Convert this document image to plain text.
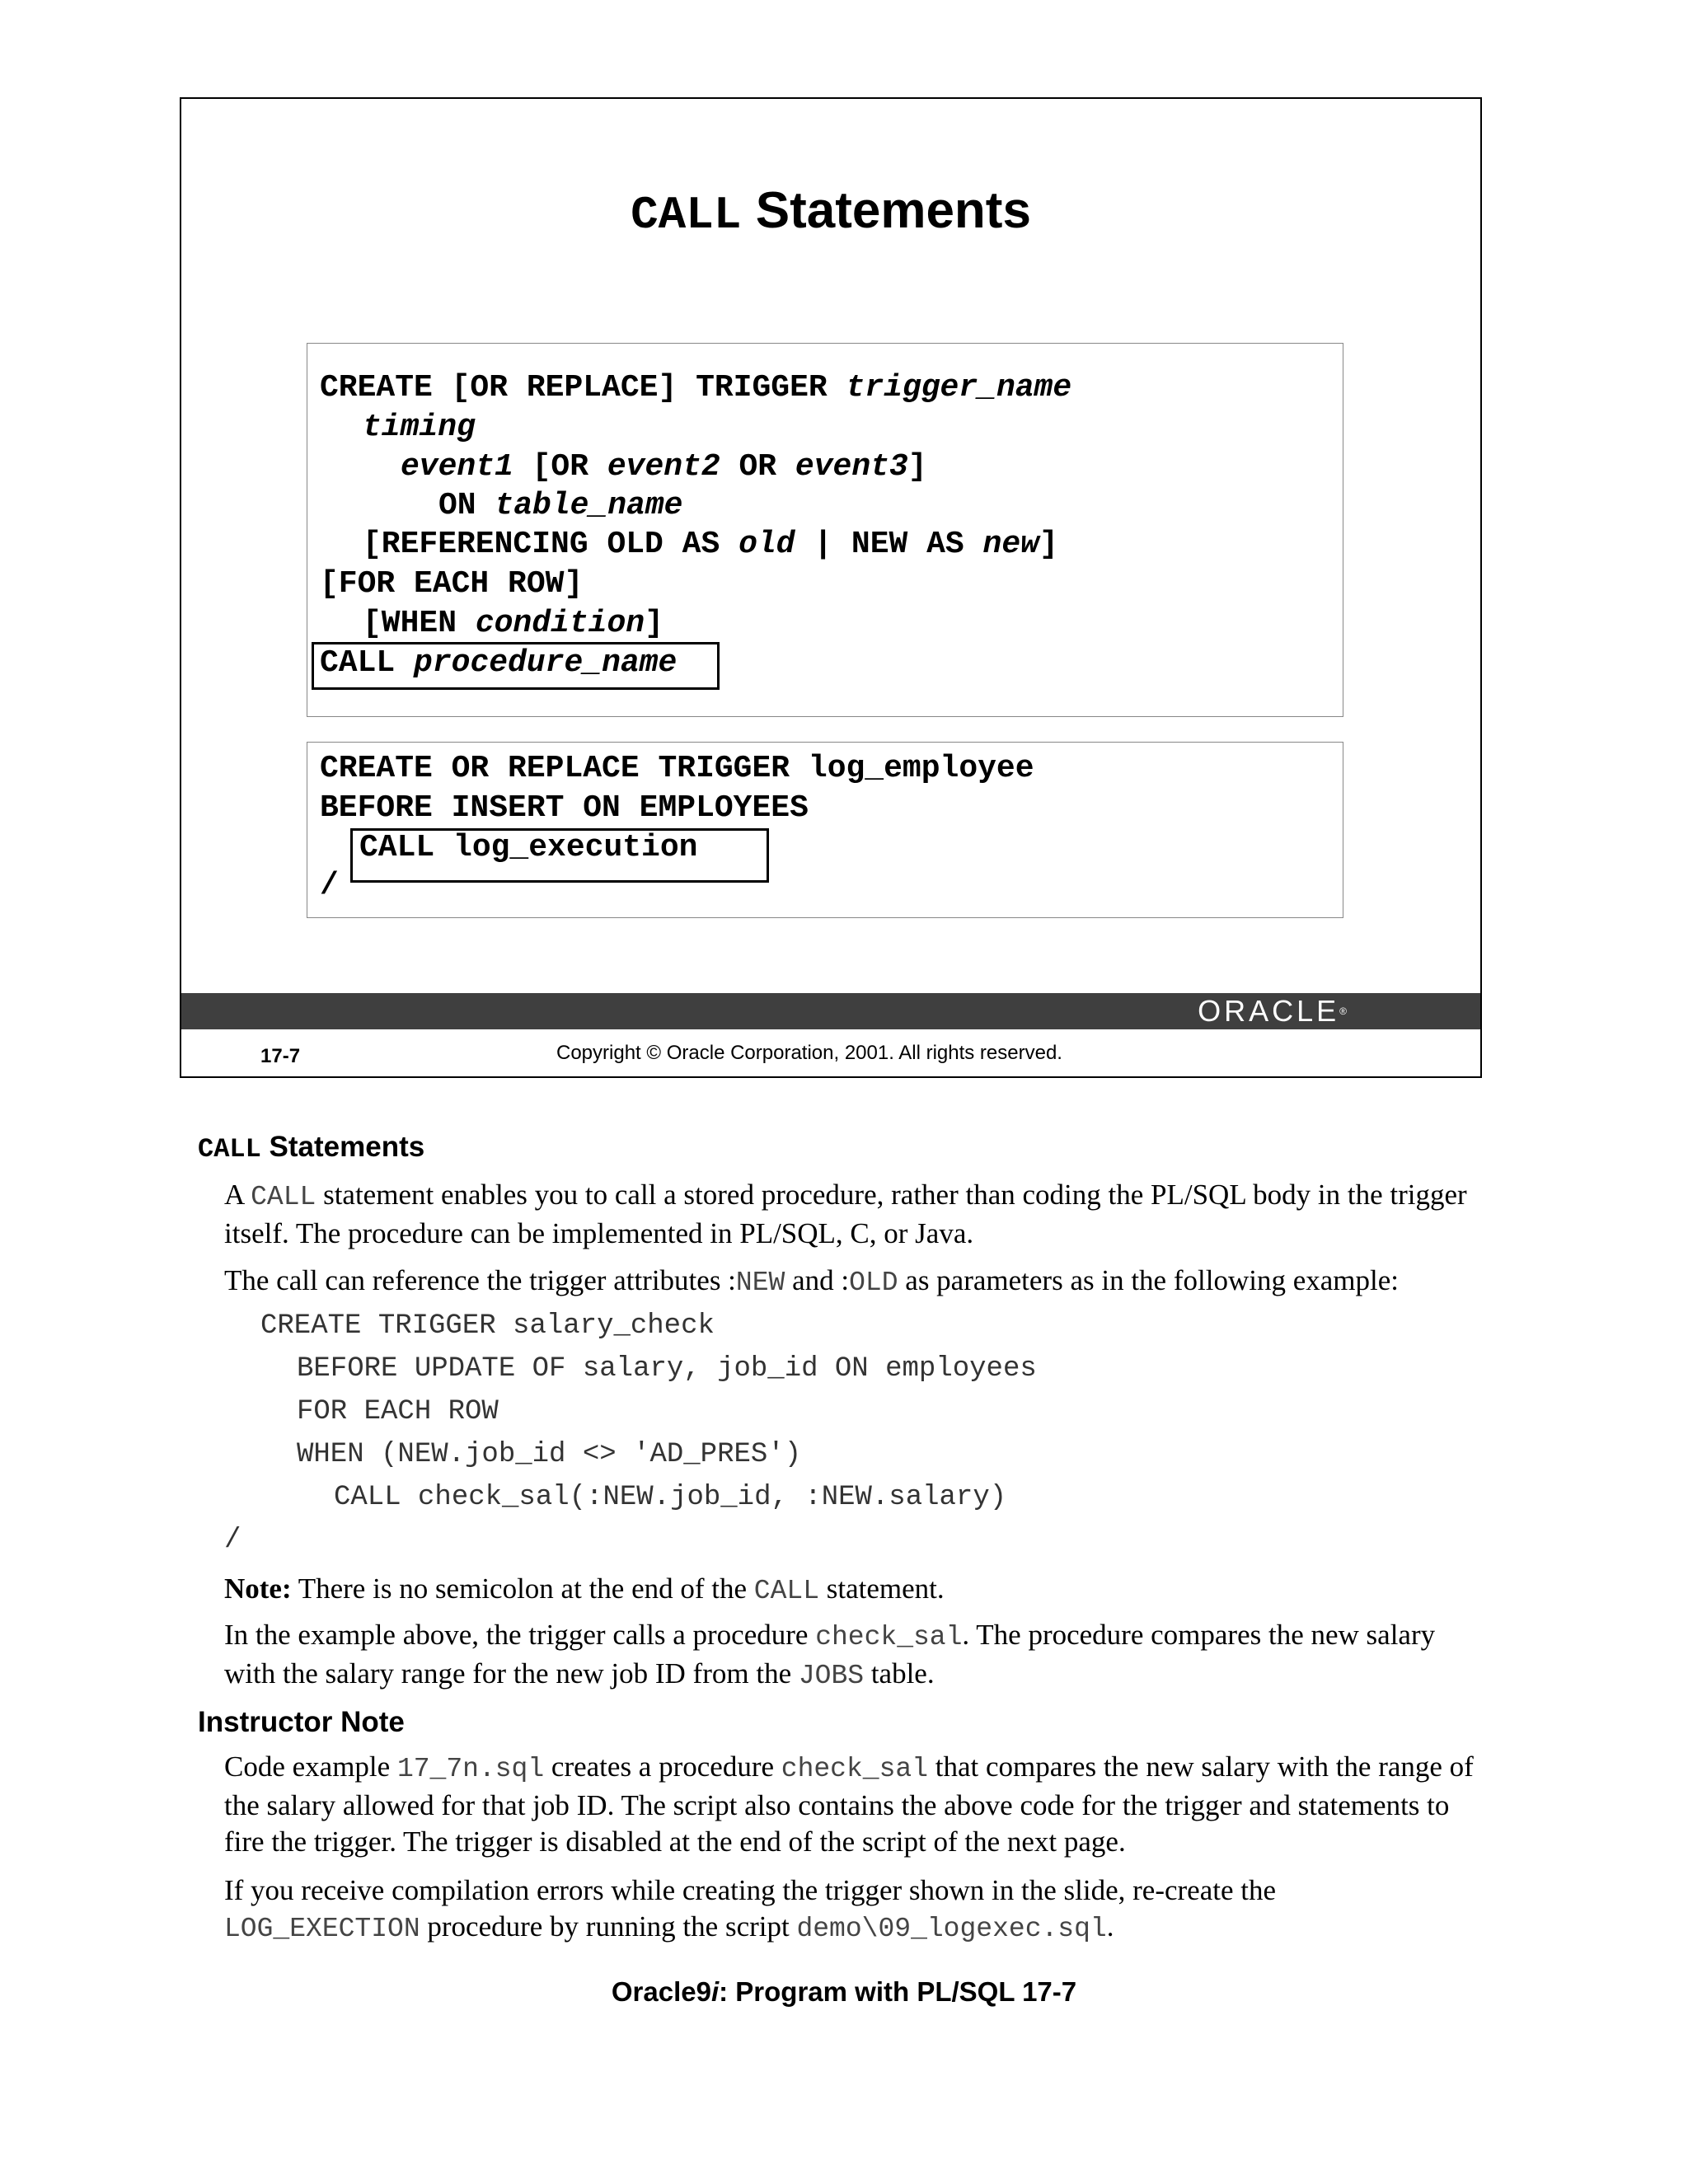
CALL Statements
CREATE [OR REPLACE] TRIGGER trigger_name
timing
event1 [OR event2 OR event3]
ON table_name
[REFERENCING OLD AS old | NEW AS new]
[FOR EACH ROW]
[WHEN condition]
CALL procedure_name
CREATE OR REPLACE TRIGGER log_employee
BEFORE INSERT ON EMPLOYEES
CALL log_execution
/
ORACLE®
17-7	Copyright © Oracle Corporation, 2001. All rights reserved.
CALL Statements
A CALL statement enables you to call a stored procedure, rather than coding the PL/SQL body in the trigger itself. The procedure can be implemented in PL/SQL, C, or Java.
The call can reference the trigger attributes :NEW and :OLD as parameters as in the following example:
CREATE TRIGGER salary_check
BEFORE UPDATE OF salary, job_id ON employees
FOR EACH ROW
WHEN (NEW.job_id <> 'AD_PRES')
CALL check_sal(:NEW.job_id, :NEW.salary)
/
Note: There is no semicolon at the end of the CALL statement.
In the example above, the trigger calls a procedure check_sal. The procedure compares the new salary with the salary range for the new job ID from the JOBS table.
Instructor Note
Code example 17_7n.sql creates a procedure check_sal that compares the new salary with the range of the salary allowed for that job ID. The script also contains the above code for the trigger and statements to fire the trigger. The trigger is disabled at the end of the script of the next page.
If you receive compilation errors while creating the trigger shown in the slide, re-create the LOG_EXECTION procedure by running the script demo\09_logexec.sql.
Oracle9i: Program with PL/SQL 17-7
